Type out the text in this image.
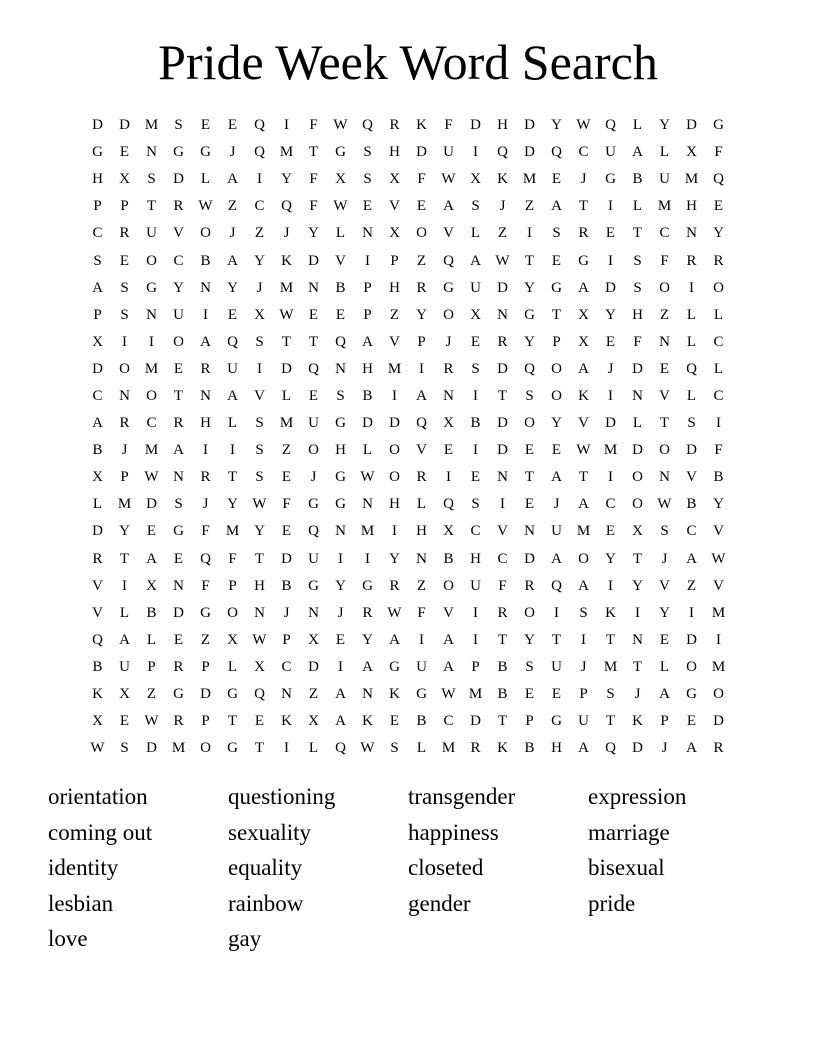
Pride Week Word Search
D	D M	S	E	E	Q	I	F	W Q	R	K	F	D	H	D	Y W Q	L	Y	D	G
G	E	N	G	G	J	Q M	T	G	S	H	D	U	I	Q	D	Q	C	U	A	L	X	F
H	X	S	D	L	A	I	Y	F	X	S	X	F	W X	K M	E	J	G	B	U M Q
P	P	T	R W	Z	C	Q	F	W	E	V	E	A	S	J	Z	A	T	I	L	M H	E
C	R	U	V	O	J	Z	J	Y	L	N	X	O	V	L	Z	I	S	R	E	T	C	N	Y
S	E	O	C	B	A	Y	K	D	V	I	P	Z	Q	A W	T	E	G	I	S	F	R	R
A	S	G	Y	N	Y	J	M N	B	P	H	R	G	U	D	Y	G	A	D	S	O	I	O
P	S	N	U	I	E	X W	E	E	P	Z	Y	O	X	N	G	T	X	Y	H	Z	L	L
X	I	I	O	A	Q	S	T	T	Q	A	V	P	J	E	R	Y	P	X	E	F	N	L	C
D	O M	E	R	U	I	D	Q	N	H M	I	R	S	D	Q	O	A	J	D	E	Q	L
C	N	O	T	N	A	V	L	E	S	B	I	A	N	I	T	S	O	K	I	N	V	L	C
A	R	C	R	H	L	S	M U	G	D	D	Q	X	B	D	O	Y	V	D	L	T	S	I
B	J	M A	I	I	S	Z	O	H	L	O	V	E	I	D	E	E	W M D	O	D	F
X	P	W N	R	T	S	E	J	G W O	R	I	E	N	T	A	T	I	O	N	V	B
L	M D	S	J	Y W	F	G	G	N	H	L	Q	S	I	E	J	A	C	O W B	Y
D	Y	E	G	F	M Y	E	Q	N M	I	H	X	C	V	N	U M	E	X	S	C	V
R	T	A	E	Q	F	T	D	U	I	I	Y	N	B	H	C	D	A	O	Y	T	J	A W
V	I	X	N	F	P	H	B	G	Y	G	R	Z	O	U	F	R	Q	A	I	Y	V	Z	V
V	L	B	D	G	O	N	J	N	J	R W	F	V	I	R	O	I	S	K	I	Y	I	M
Q	A	L	E	Z	X W	P	X	E	Y	A	I	A	I	T	Y	T	I	T	N	E	D	I
B	U	P	R	P	L	X	C	D	I	A	G	U	A	P	B	S	U	J	M	T	L	O M
K	X	Z	G	D	G	Q	N	Z	A	N	K	G W M	B	E	E	P	S	J	A	G	O
X	E	W R	P	T	E	K	X	A	K	E	B	C	D	T	P	G	U	T	K	P	E	D
W	S	D M O	G	T	I	L	Q W	S	L	M	R	K	B	H	A	Q	D	J	A	R
orientation	questioning	transgender	expression
coming out	sexuality	happiness	marriage
identity	equality	closeted	bisexual
lesbian	rainbow	gender	pride
love	gay
